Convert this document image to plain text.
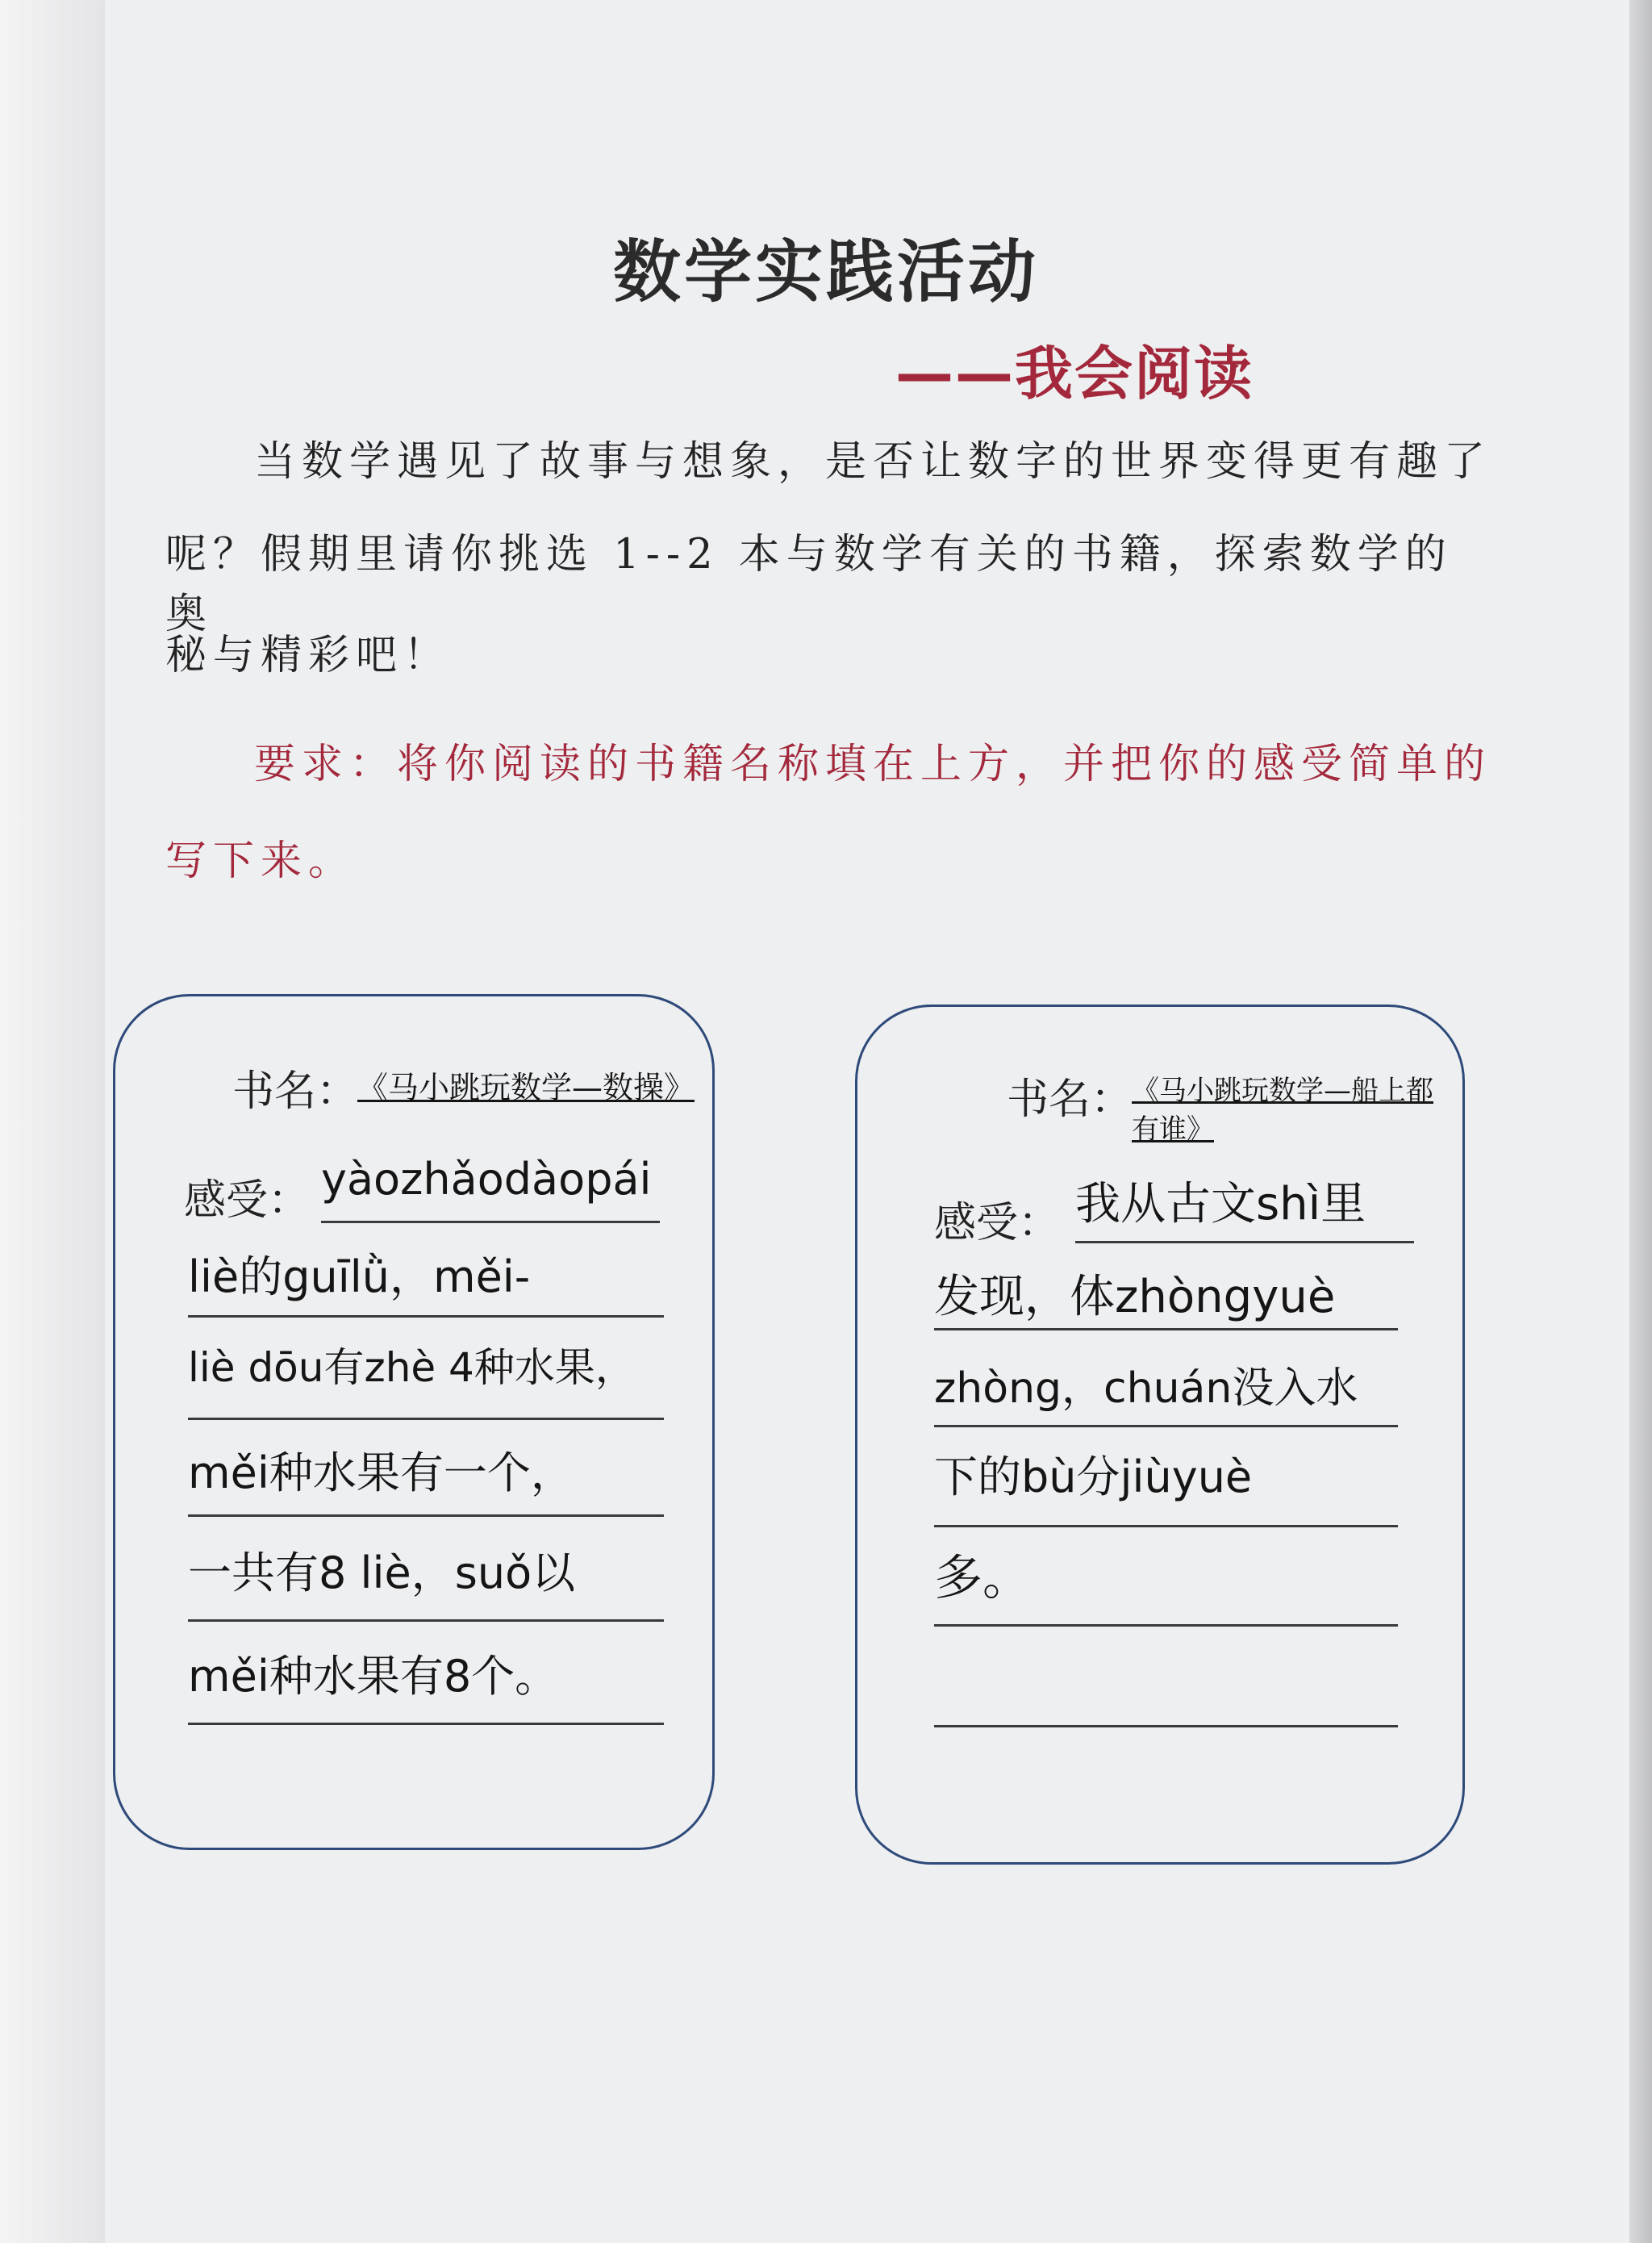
数学实践活动
——我会阅读
当数学遇见了故事与想象，是否让数字的世界变得更有趣了
呢？假期里请你挑选 1--2 本与数学有关的书籍，探索数学的奥
秘与精彩吧！
要求：将你阅读的书籍名称填在上方，并把你的感受简单的
写下来。
书名：
《马小跳玩数学—数操》
感受： yàozhǎodàopái
liè的guīlǜ，měi-
liè dōu有zhè 4种水果，
měi种水果有一个，
一共有8 liè，suǒ以
měi种水果有8个。
书名：
《马小跳玩数学—船上都有谁》
感受： 我从古文shì里
发现，体zhòngyuè
zhòng，chuán没入水
下的bù分jiùyuè
多。
